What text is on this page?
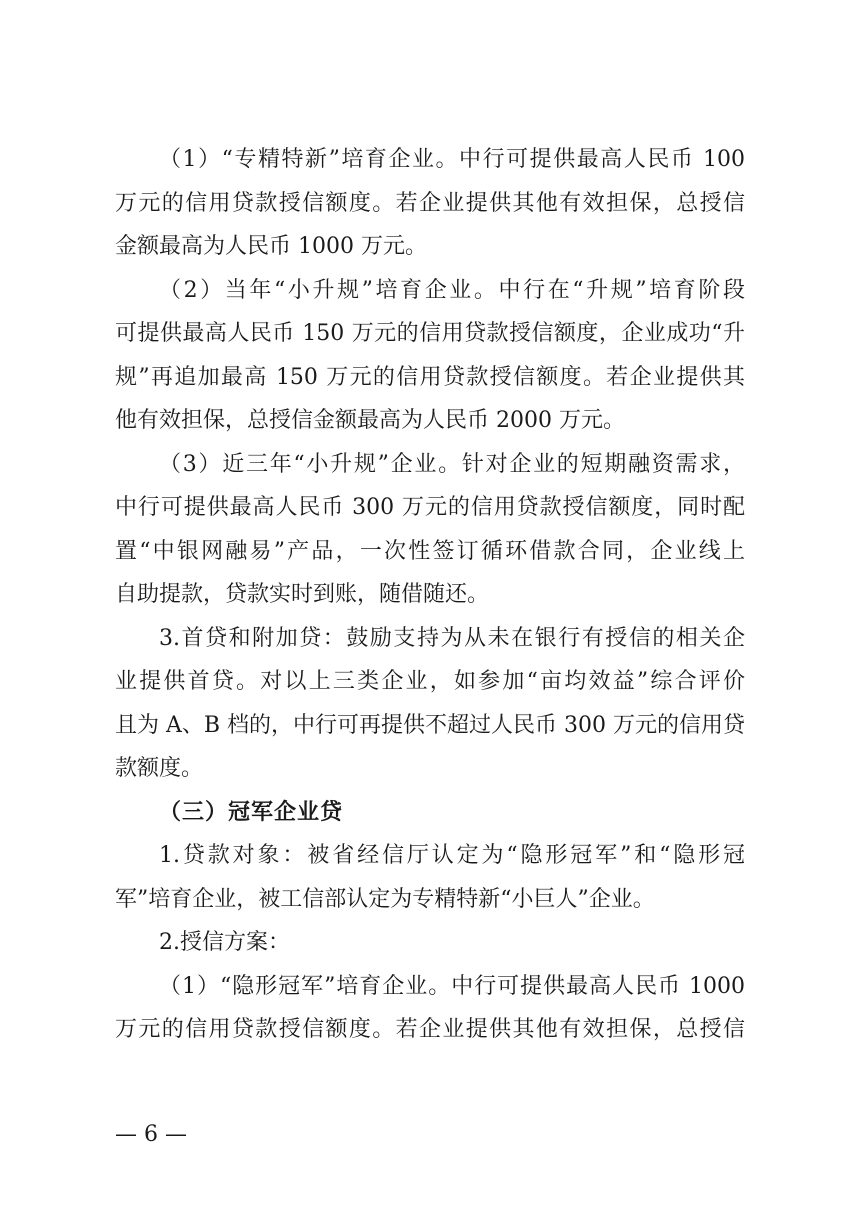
（1）“专精特新”培育企业。中行可提供最高人民币 100
万元的信用贷款授信额度。若企业提供其他有效担保，总授信
金额最高为人民币 1000 万元。
（2）当年“小升规”培育企业。中行在“升规”培育阶段
可提供最高人民币 150 万元的信用贷款授信额度，企业成功“升
规”再追加最高 150 万元的信用贷款授信额度。若企业提供其
他有效担保，总授信金额最高为人民币 2000 万元。
（3）近三年“小升规”企业。针对企业的短期融资需求，
中行可提供最高人民币 300 万元的信用贷款授信额度，同时配
置“中银网融易”产品，一次性签订循环借款合同，企业线上
自助提款，贷款实时到账，随借随还。
3.首贷和附加贷：鼓励支持为从未在银行有授信的相关企
业提供首贷。对以上三类企业，如参加“亩均效益”综合评价
且为 A、B 档的，中行可再提供不超过人民币 300 万元的信用贷
款额度。
（三）冠军企业贷
1.贷款对象：被省经信厅认定为“隐形冠军”和“隐形冠
军”培育企业，被工信部认定为专精特新“小巨人”企业。
2.授信方案：
（1）“隐形冠军”培育企业。中行可提供最高人民币 1000
万元的信用贷款授信额度。若企业提供其他有效担保，总授信
— 6 —
